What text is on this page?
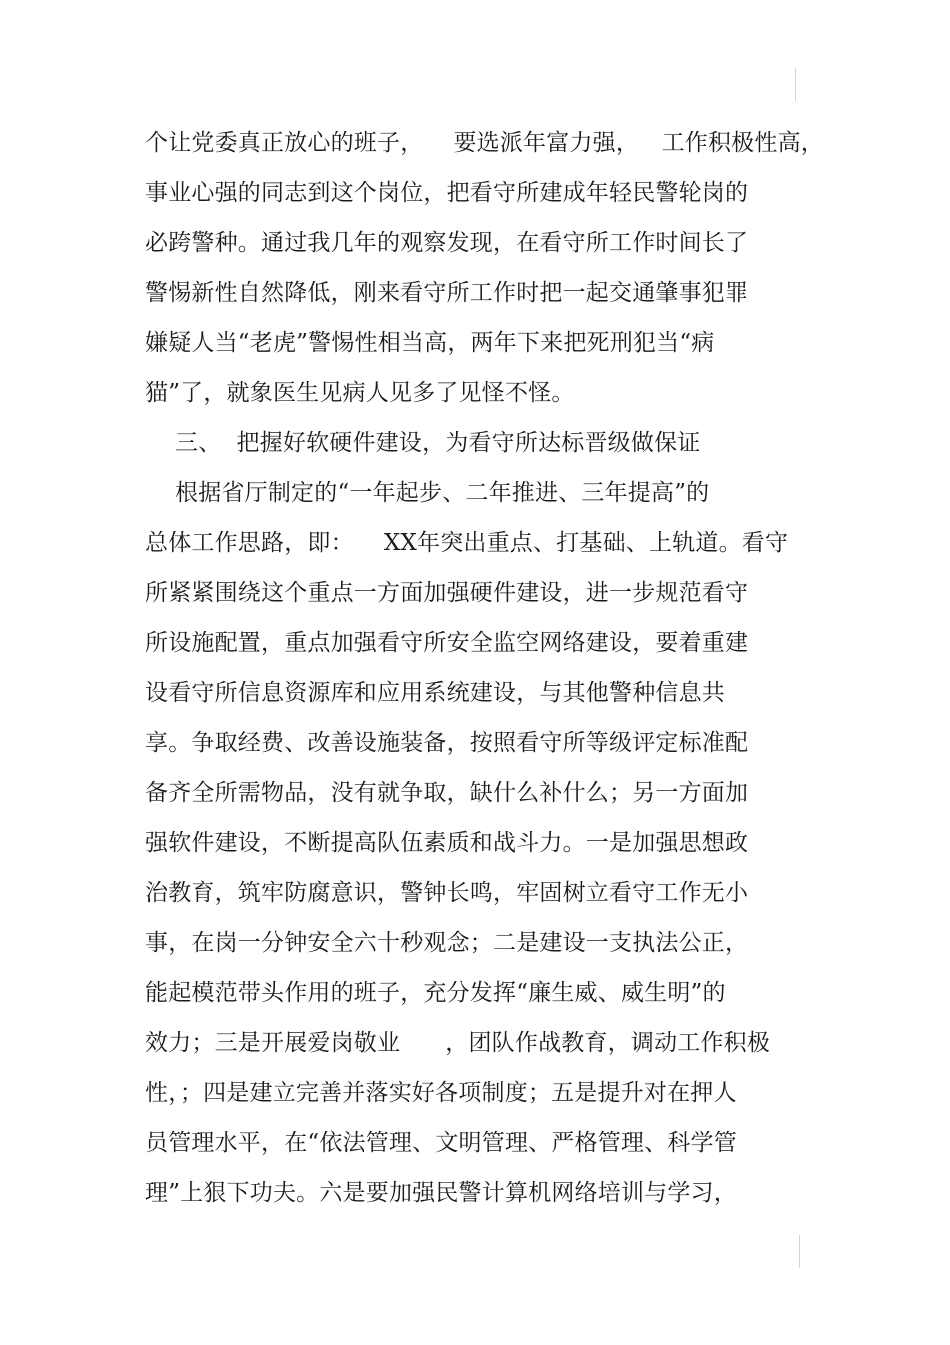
个让党委真正放心的班子，    要选派年富力强，   工作积极性高，
事业心强的同志到这个岗位，把看守所建成年轻民警轮岗的
必跨警种。通过我几年的观察发现，在看守所工作时间长了
警惕新性自然降低，刚来看守所工作时把一起交通肇事犯罪
嫌疑人当“老虎”警惕性相当高，两年下来把死刑犯当“病
猫”了，就象医生见病人见多了见怪不怪。
三、  把握好软硬件建设，为看守所达标晋级做保证
根据省厅制定的“一年起步、二年推进、三年提高”的
总体工作思路，即：    XX年突出重点、打基础、上轨道。看守
所紧紧围绕这个重点一方面加强硬件建设，进一步规范看守
所设施配置，重点加强看守所安全监空网络建设，要着重建
设看守所信息资源库和应用系统建设，与其他警种信息共
享。争取经费、改善设施装备，按照看守所等级评定标准配
备齐全所需物品，没有就争取，缺什么补什么；另一方面加
强软件建设，不断提高队伍素质和战斗力。一是加强思想政
治教育，筑牢防腐意识，警钟长鸣，牢固树立看守工作无小
事，在岗一分钟安全六十秒观念；二是建设一支执法公正，
能起模范带头作用的班子，充分发挥“廉生威、威生明”的
效力；三是开展爱岗敬业      ，团队作战教育，调动工作积极
性，；四是建立完善并落实好各项制度；五是提升对在押人
员管理水平，在“依法管理、文明管理、严格管理、科学管
理”上狠下功夫。六是要加强民警计算机网络培训与学习，
